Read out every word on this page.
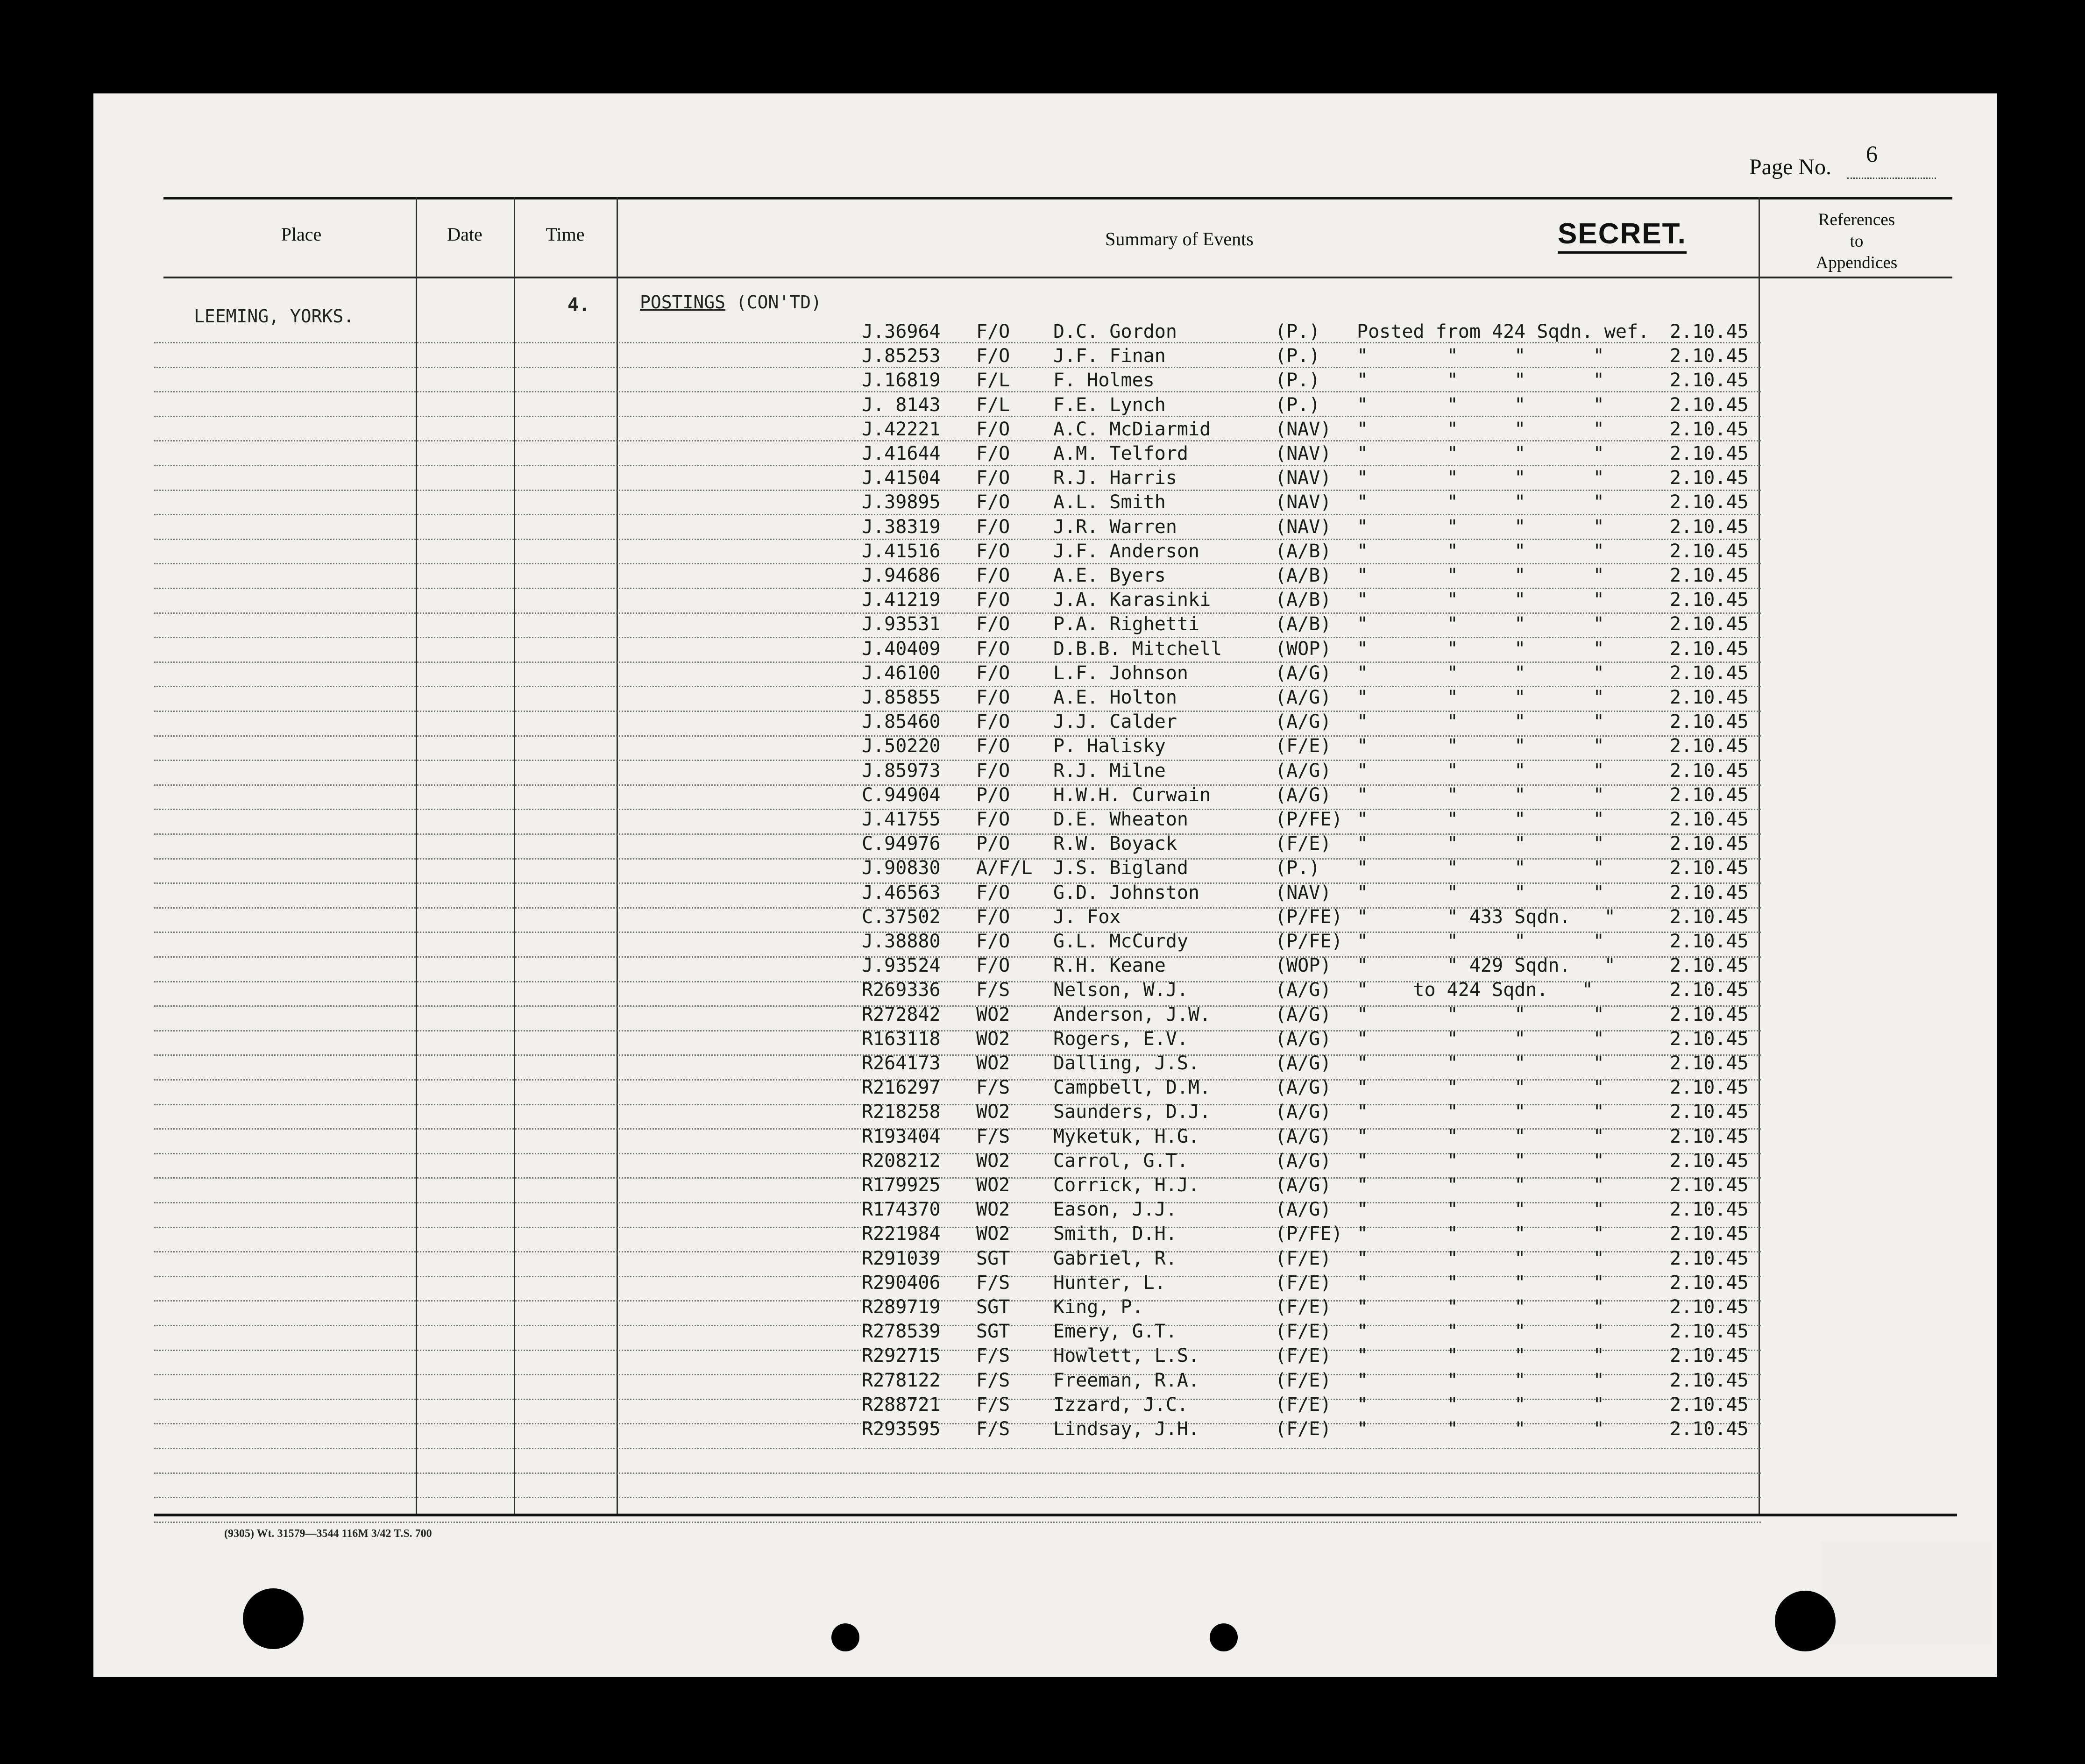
Page No.
6
Place	Date	Time	Summary of Events
References
to
Appendices
SECRET.
LEEMING, YORKS.
4.	POSTINGS (CON'TD)
J.36964 F/O D.C. Gordon	(P.) Posted from 424 Sqdn. wef. 2.10.45
J.85253 F/O J.F. Finan	(P.) "       "     "      "	2.10.45
J.16819 F/L F. Holmes	(P.) "       "     "      "	2.10.45
J. 8143 F/L F.E. Lynch	(P.) "       "     "      "	2.10.45
J.42221 F/O A.C. McDiarmid	(NAV) "       "     "      "	2.10.45
J.41644 F/O A.M. Telford	(NAV) "       "     "      "	2.10.45
J.41504 F/O R.J. Harris	(NAV) "       "     "      "	2.10.45
J.39895 F/O A.L. Smith	(NAV) "       "     "      "	2.10.45
J.38319 F/O J.R. Warren	(NAV) "       "     "      "	2.10.45
J.41516 F/O J.F. Anderson	(A/B) "       "     "      "	2.10.45
J.94686 F/O A.E. Byers	(A/B) "       "     "      "	2.10.45
J.41219 F/O J.A. Karasinki	(A/B) "       "     "      "	2.10.45
J.93531 F/O P.A. Righetti	(A/B) "       "     "      "	2.10.45
J.40409 F/O D.B.B. Mitchell	(WOP) "       "     "      "	2.10.45
J.46100 F/O L.F. Johnson	(A/G) "       "     "      "	2.10.45
J.85855 F/O A.E. Holton	(A/G) "       "     "      "	2.10.45
J.85460 F/O J.J. Calder	(A/G) "       "     "      "	2.10.45
J.50220 F/O P. Halisky	(F/E) "       "     "      "	2.10.45
J.85973 F/O R.J. Milne	(A/G) "       "     "      "	2.10.45
C.94904 P/O H.W.H. Curwain	(A/G) "       "     "      "	2.10.45
J.41755 F/O D.E. Wheaton	(P/FE) "       "     "      "	2.10.45
C.94976 P/O R.W. Boyack	(F/E) "       "     "      "	2.10.45
J.90830 A/F/L J.S. Bigland	(P.) "       "     "      "	2.10.45
J.46563 F/O G.D. Johnston	(NAV) "       "     "      "	2.10.45
C.37502 F/O J. Fox	(P/FE) "       " 433 Sqdn.   "	2.10.45
J.38880 F/O G.L. McCurdy	(P/FE) "       "     "      "	2.10.45
J.93524 F/O R.H. Keane	(WOP) "       " 429 Sqdn.   "	2.10.45
R269336 F/S Nelson, W.J.	(A/G) "    to 424 Sqdn.   "	2.10.45
R272842 WO2 Anderson, J.W.	(A/G) "       "     "      "	2.10.45
R163118 WO2 Rogers, E.V.	(A/G) "       "     "      "	2.10.45
R264173 WO2 Dalling, J.S.	(A/G) "       "     "      "	2.10.45
R216297 F/S Campbell, D.M.	(A/G) "       "     "      "	2.10.45
R218258 WO2 Saunders, D.J.	(A/G) "       "     "      "	2.10.45
R193404 F/S Myketuk, H.G.	(A/G) "       "     "      "	2.10.45
R208212 WO2 Carrol, G.T.	(A/G) "       "     "      "	2.10.45
R179925 WO2 Corrick, H.J.	(A/G) "       "     "      "	2.10.45
R174370 WO2 Eason, J.J.	(A/G) "       "     "      "	2.10.45
R221984 WO2 Smith, D.H.	(P/FE) "       "     "      "	2.10.45
R291039 SGT Gabriel, R.	(F/E) "       "     "      "	2.10.45
R290406 F/S Hunter, L.	(F/E) "       "     "      "	2.10.45
R289719 SGT King, P.	(F/E) "       "     "      "	2.10.45
R278539 SGT Emery, G.T.	(F/E) "       "     "      "	2.10.45
R292715 F/S Howlett, L.S.	(F/E) "       "     "      "	2.10.45
R278122 F/S Freeman, R.A.	(F/E) "       "     "      "	2.10.45
R288721 F/S Izzard, J.C.	(F/E) "       "     "      "	2.10.45
R293595 F/S Lindsay, J.H.	(F/E) "       "     "      "	2.10.45
(9305) Wt. 31579—3544 116M 3/42 T.S. 700
